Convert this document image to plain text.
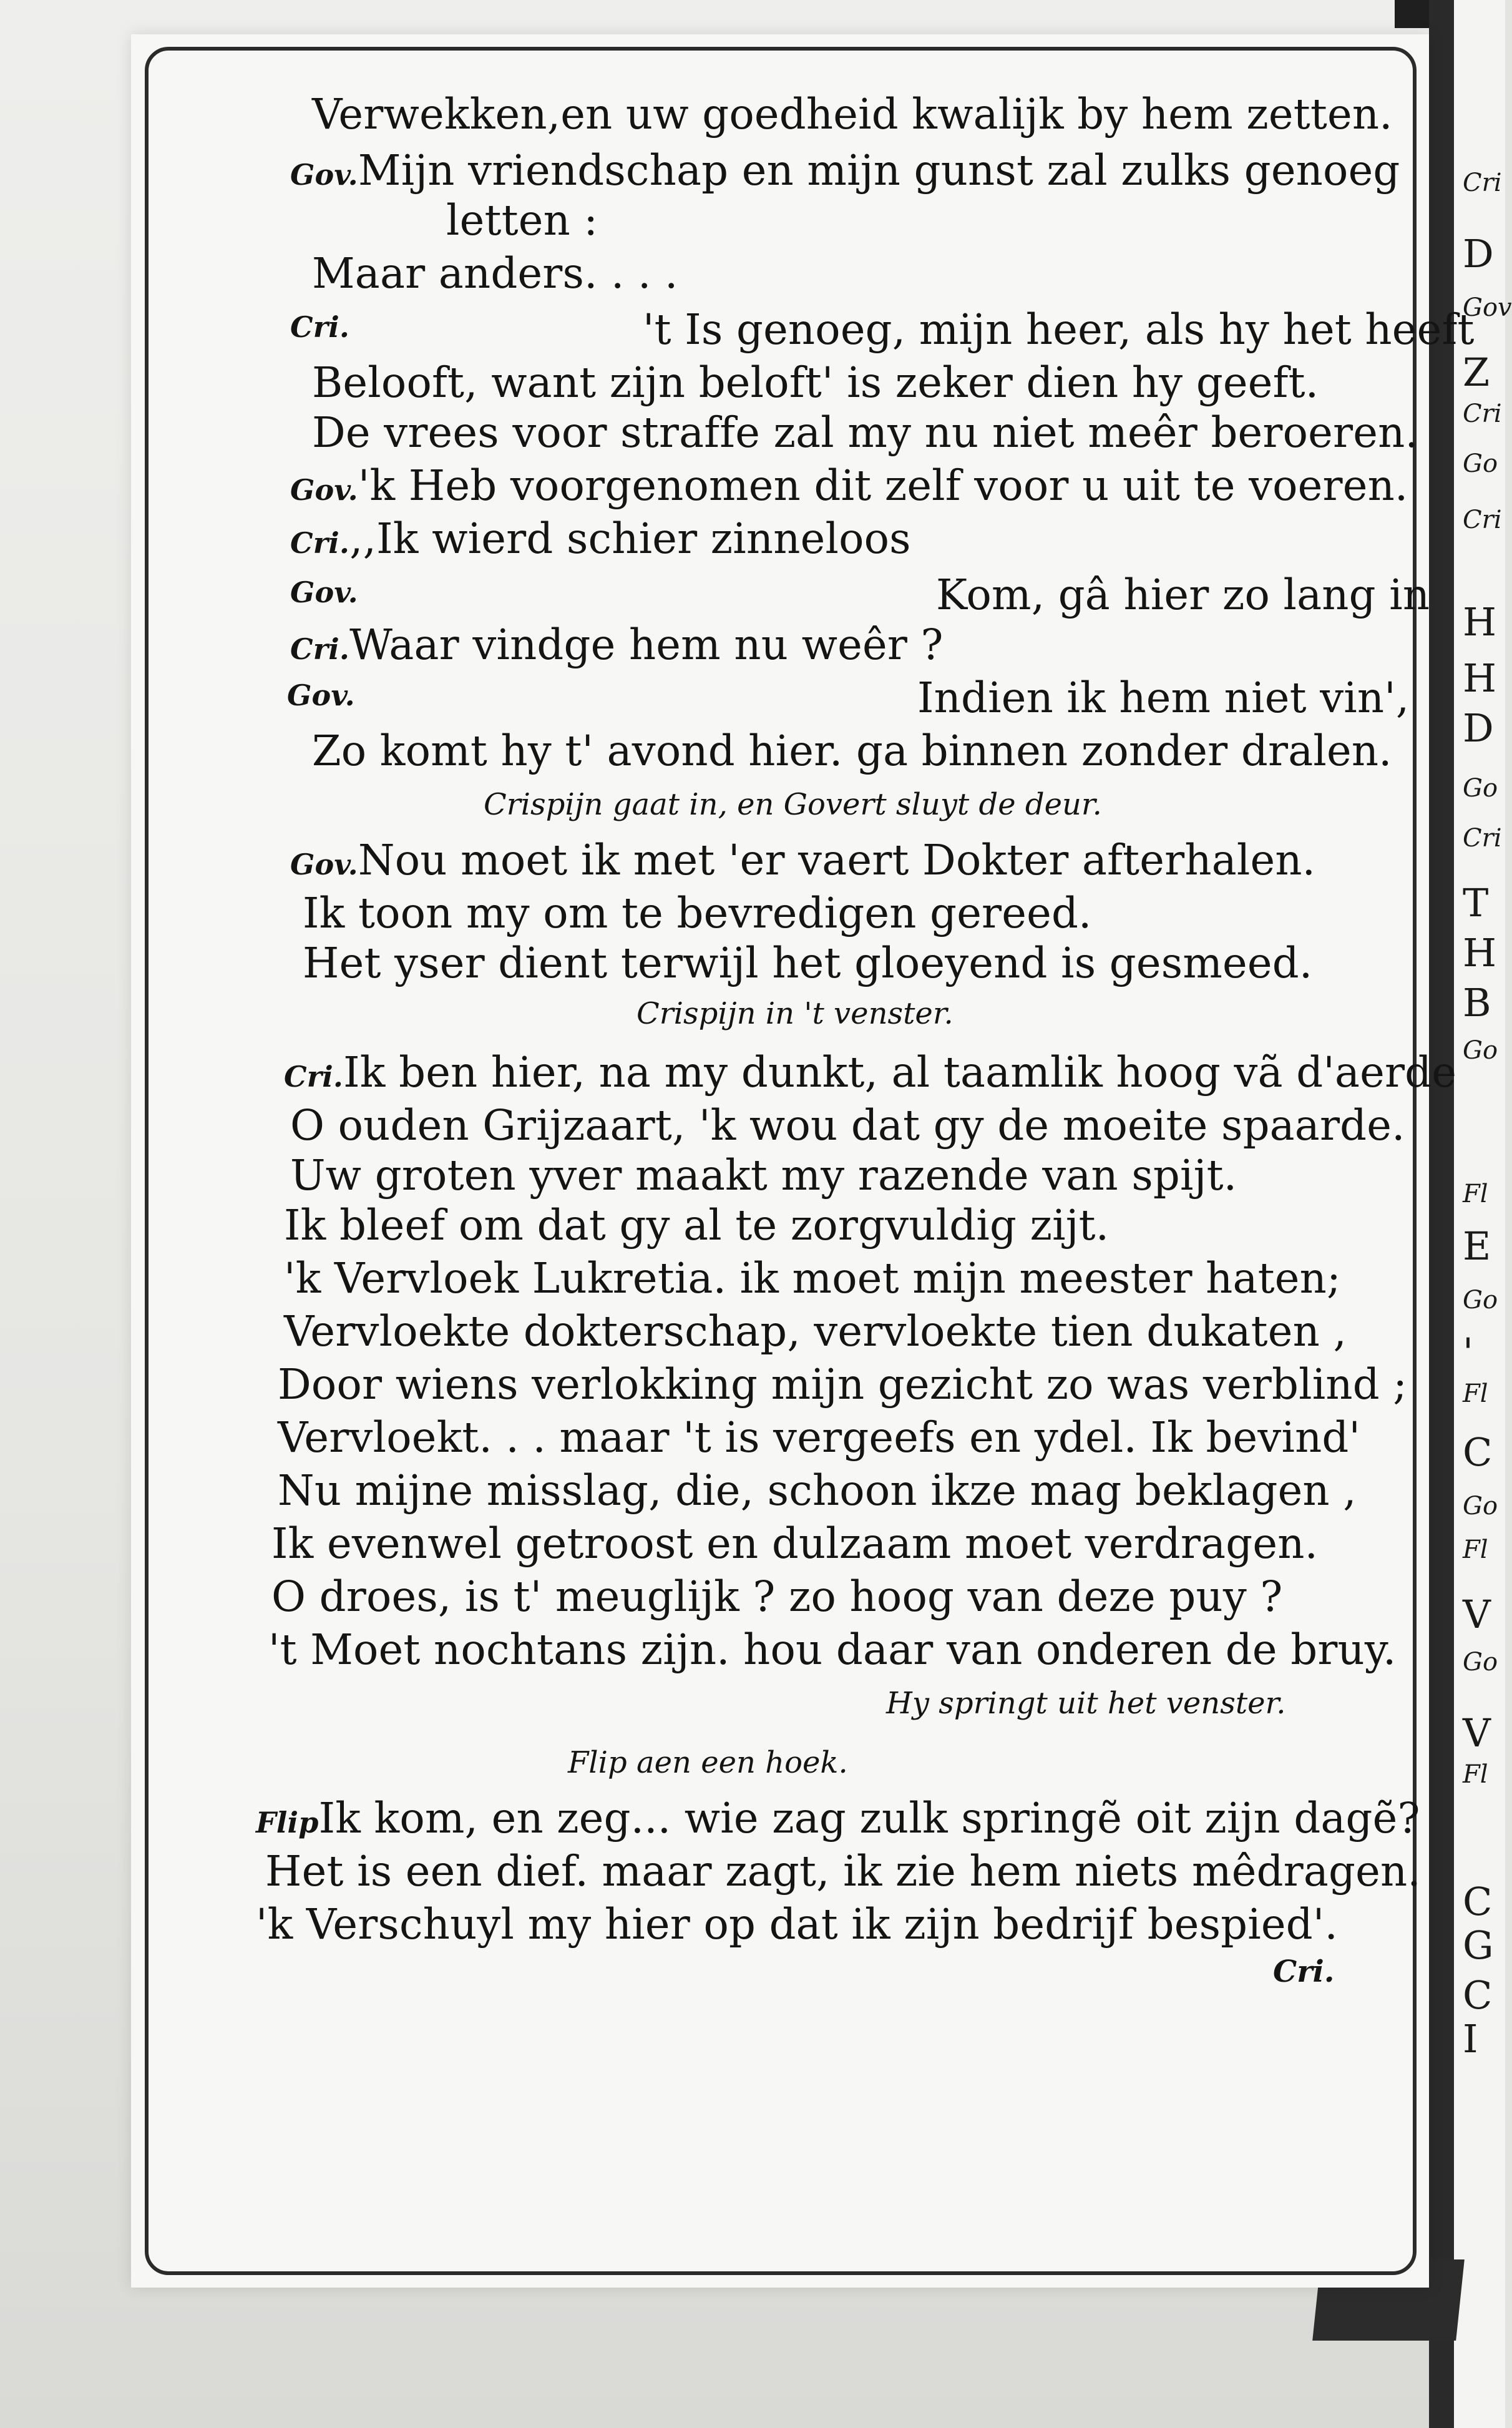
Cri
D
Gov
Z
Cri
Go
Cri
H
H
D
Go
Cri
T
H
B
Go
Fl
E
Go
'
Fl
C
Go
Fl
V
Go
V
Fl
C
G
C
I
Verwekken,en uw goedheid kwalijk by hem zetten.
Gov.Mijn vriendschap en mijn gunst zal zulks genoeg
letten :
Maar anders. . . .
Cri.	't Is genoeg, mijn heer, als hy het heeft
Belooft, want zijn beloft' is zeker dien hy geeft.
De vrees voor straffe zal my nu niet meêr beroeren.
Gov.'k Heb voorgenomen dit zelf voor u uit te voeren.
Cri.,,Ik wierd schier zinneloos
Gov.	Kom, gâ hier zo lang in
Cri.Waar vindge hem nu weêr ?
Gov.	Indien ik hem niet vin',
Zo komt hy t' avond hier. ga binnen zonder dralen.
Crispijn gaat in, en Govert sluyt de deur.
Gov.Nou moet ik met 'er vaert Dokter afterhalen.
Ik toon my om te bevredigen gereed.
Het yser dient terwijl het gloeyend is gesmeed.
Crispijn in 't venster.
Cri.Ik ben hier, na my dunkt, al taamlik hoog vã d'aerde
O ouden Grijzaart, 'k wou dat gy de moeite spaarde.
Uw groten yver maakt my razende van spijt.
Ik bleef om dat gy al te zorgvuldig zijt.
'k Vervloek Lukretia. ik moet mijn meester haten;
Vervloekte dokterschap, vervloekte tien dukaten ,
Door wiens verlokking mijn gezicht zo was verblind ;
Vervloekt. . . maar 't is vergeefs en ydel. Ik bevind'
Nu mijne misslag, die, schoon ikze mag beklagen ,
Ik evenwel getroost en dulzaam moet verdragen.
O droes, is t' meuglijk ? zo hoog van deze puy ?
't Moet nochtans zijn. hou daar van onderen de bruy.
Hy springt uit het venster.
Flip aen een hoek.
FlipIk kom, en zeg... wie zag zulk springẽ oit zijn dagẽ?
Het is een dief. maar zagt, ik zie hem niets mêdragen.
'k Verschuyl my hier op dat ik zijn bedrijf bespied'.
Cri.
